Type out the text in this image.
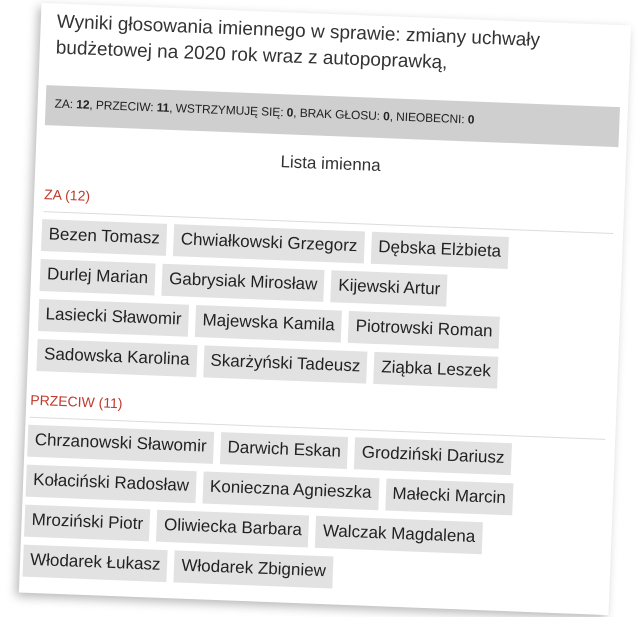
Wyniki głosowania imiennego w sprawie: zmiany uchwały budżetowej na 2020 rok wraz z autopoprawką,
ZA: 12, PRZECIW: 11, WSTRZYMUJĘ SIĘ: 0, BRAK GŁOSU: 0, NIEOBECNI: 0
Lista imienna
ZA (12)
Bezen Tomasz	Chwiałkowski Grzegorz	Dębska Elżbieta
Durlej Marian	Gabrysiak Mirosław	Kijewski Artur
Lasiecki Sławomir	Majewska Kamila	Piotrowski Roman
Sadowska Karolina	Skarżyński Tadeusz	Ziąbka Leszek
PRZECIW (11)
Chrzanowski Sławomir	Darwich Eskan	Grodziński Dariusz
Kołaciński Radosław	Konieczna Agnieszka	Małecki Marcin
Mroziński Piotr	Oliwiecka Barbara	Walczak Magdalena
Włodarek Łukasz	Włodarek Zbigniew
